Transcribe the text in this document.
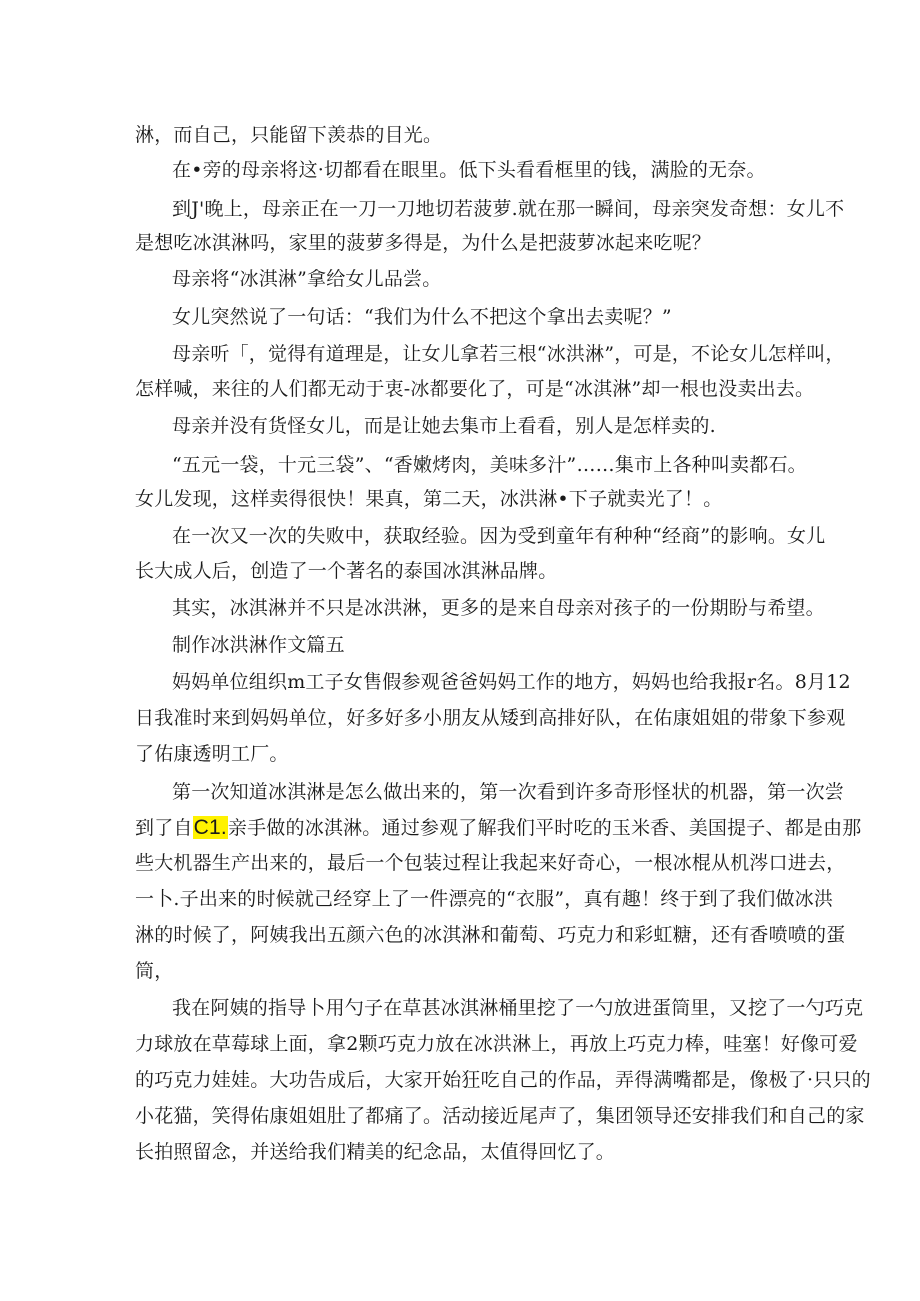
淋，而自己，只能留下羡恭的目光。
在•旁的母亲将这·切都看在眼里。低下头看看框里的钱，满脸的无奈。
到J'晚上，母亲正在一刀一刀地切若菠萝.就在那一瞬间，母亲突发奇想：女儿不
是想吃冰淇淋吗，家里的菠萝多得是，为什么是把菠萝冰起来吃呢？
母亲将“冰淇淋”拿给女儿品尝。
女儿突然说了一句话：“我们为什么不把这个拿出去卖呢？”
母亲听「，觉得有道理是，让女儿拿若三根“冰洪淋”，可是，不论女儿怎样叫，
怎样喊，来往的人们都无动于衷-冰都要化了，可是“冰淇淋”却一根也没卖出去。
母亲并没有货怪女儿，而是让她去集市上看看，别人是怎样卖的.
“五元一袋，十元三袋”、“香嫩烤肉，美味多汁”……集市上各种叫卖都石。
女儿发现，这样卖得很快！果真，第二天，冰洪淋•下子就卖光了！。
在一次又一次的失败中，获取经验。因为受到童年有种种“经商”的影响。女儿
长大成人后，创造了一个著名的泰国冰淇淋品牌。
其实，冰淇淋并不只是冰洪淋，更多的是来自母亲对孩子的一份期盼与希望。
制作冰洪淋作文篇五
妈妈单位组织m工子女售假参观爸爸妈妈工作的地方，妈妈也给我报r名。8月12
日我准时来到妈妈单位，好多好多小朋友从矮到高排好队，在佑康姐姐的带象下参观
了佑康透明工厂。
第一次知道冰淇淋是怎么做出来的，第一次看到许多奇形怪状的机器，第一次尝
到了自C1.亲手做的冰淇淋。通过参观了解我们平时吃的玉米香、美国提子、都是由那
些大机器生产出来的，最后一个包装过程让我起来好奇心，一根冰棍从机涔口进去，
一卜.子出来的时候就己经穿上了一件漂亮的“衣服”，真有趣！终于到了我们做冰洪
淋的时候了，阿姨我出五颜六色的冰淇淋和葡萄、巧克力和彩虹糖，还有香喷喷的蛋
筒，
我在阿姨的指导卜用勺子在草甚冰淇淋桶里挖了一勺放进蛋筒里，又挖了一勺巧克
力球放在草莓球上面，拿2颗巧克力放在冰洪淋上，再放上巧克力棒，哇塞！好像可爱
的巧克力娃娃。大功告成后，大家开始狂吃自己的作品，弄得满嘴都是，像极了·只只的
小花猫，笑得佑康姐姐肚了都痛了。活动接近尾声了，集团领导还安排我们和自己的家
长拍照留念，并送给我们精美的纪念品，太值得回忆了。
